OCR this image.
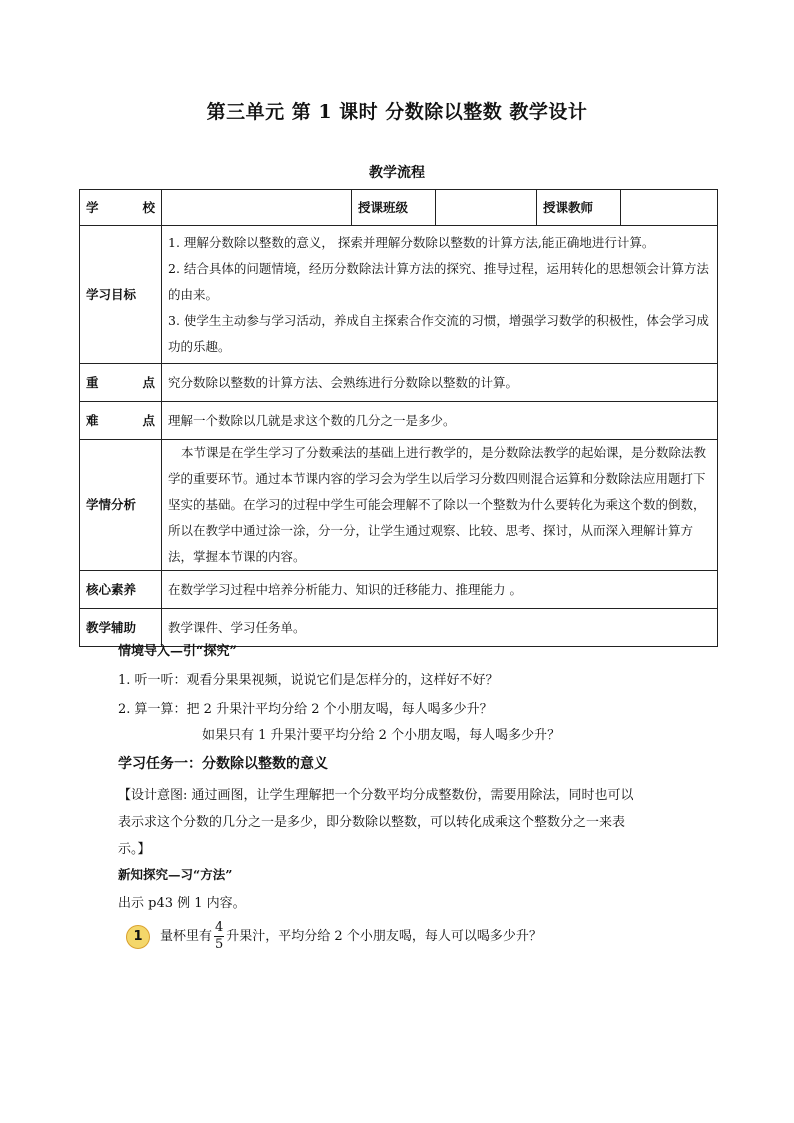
第三单元 第 1 课时 分数除以整数 教学设计
教学流程
学 校		授课班级		授课教师	
学习目标	1. 理解分数除以整数的意义， 探索并理解分数除以整数的计算方法,能正确地进行计算。
2. 结合具体的问题情境，经历分数除法计算方法的探究、推导过程，运用转化的思想领会计算方法的由来。
3. 使学生主动参与学习活动，养成自主探索合作交流的习惯，增强学习数学的积极性，体会学习成功的乐趣。				

重 点	究分数除以整数的计算方法、会熟练进行分数除以整数的计算。				
难 点	理解一个数除以几就是求这个数的几分之一是多少。				
学情分析	本节课是在学生学习了分数乘法的基础上进行教学的，是分数除法教学的起始课，是分数除法教学的重要环节。通过本节课内容的学习会为学生以后学习分数四则混合运算和分数除法应用题打下坚实的基础。在学习的过程中学生可能会理解不了除以一个整数为什么要转化为乘这个数的倒数，所以在教学中通过涂一涂，分一分，让学生通过观察、比较、思考、探讨，从而深入理解计算方法，掌握本节课的内容。				
核心素养	在数学学习过程中培养分析能力、知识的迁移能力、推理能力 。				
教学辅助	教学课件、学习任务单。				
情境导入—引“探究”
1. 听一听：观看分果果视频，说说它们是怎样分的，这样好不好？
2. 算一算：把 2 升果汁平均分给 2 个小朋友喝，每人喝多少升？
如果只有 1 升果汁要平均分给 2 个小朋友喝，每人喝多少升？
学习任务一：分数除以整数的意义
【设计意图: 通过画图，让学生理解把一个分数平均分成整数份，需要用除法，同时也可以
表示求这个分数的几分之一是多少，即分数除以整数，可以转化成乘这个整数分之一来表
示。】
新知探究—习“方法”
出示 p43 例 1 内容。
1	量杯里有 $\frac{4}{5}$ 升果汁，平均分给 2 个小朋友喝，每人可以喝多少升？
